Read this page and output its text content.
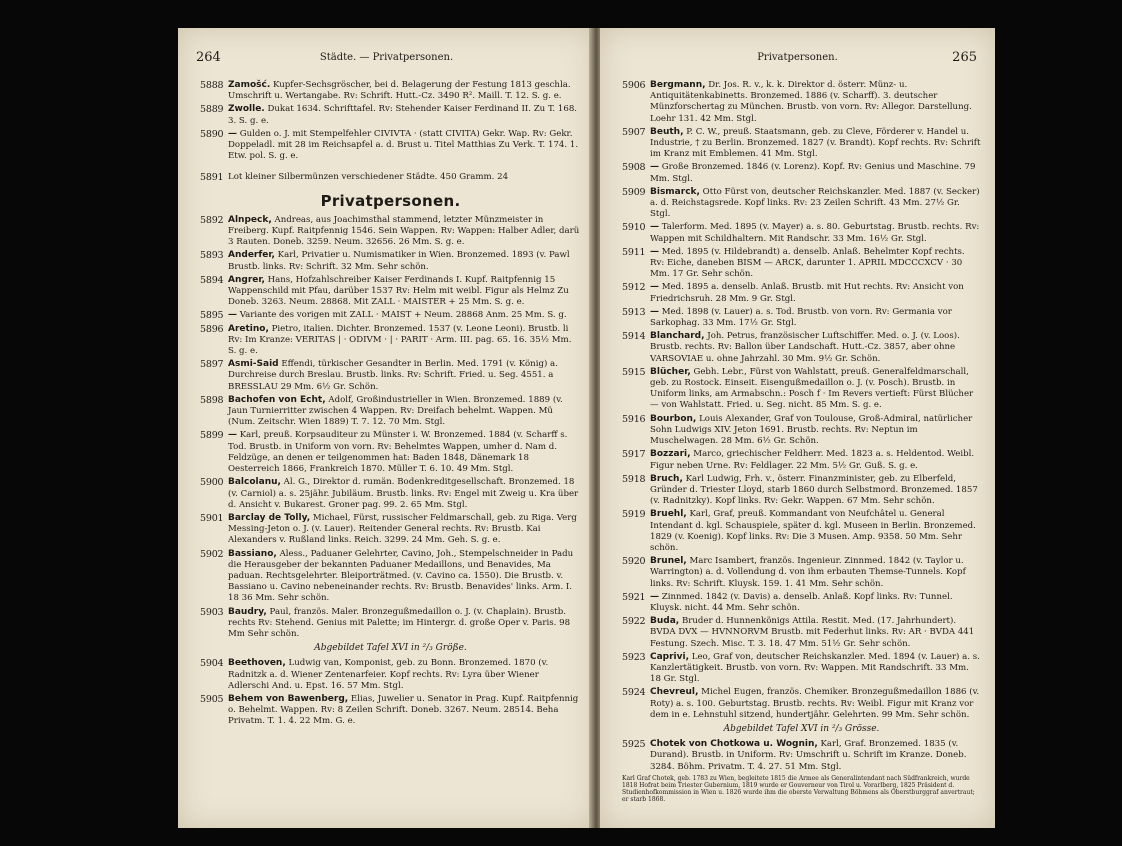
264	Städte. — Privatpersonen.
5888 Zamošć. Kupfer-Sechsgröscher, bei d. Belagerung der Festung 1813 geschla. Umschrift u. Wertangabe. Rv: Schrift. Hutt.-Cz. 3490 R². Maill. T. 12. S. g. e.
5889 Zwolle. Dukat 1634. Schrifttafel. Rv: Stehender Kaiser Ferdinand II. Zu T. 168. 3. S. g. e.
5890 — Gulden o. J. mit Stempelfehler CIVIVTA · (statt CIVITA) Gekr. Wap. Rv: Gekr. Doppeladl. mit 28 im Reichsapfel a. d. Brust u. Titel Matthias Zu Verk. T. 174. 1. Etw. pol. S. g. e.
5891 Lot kleiner Silbermünzen verschiedener Städte. 450 Gramm. 24
Privatpersonen.
5892 Alnpeck, Andreas, aus Joachimsthal stammend, letzter Münzmeister in Freiberg. Kupf. Raitpfennig 1546. Sein Wappen. Rv: Wappen: Halber Adler, darü 3 Rauten. Doneb. 3259. Neum. 32656. 26 Mm. S. g. e.
5893 Anderfer, Karl, Privatier u. Numismatiker in Wien. Bronzemed. 1893 (v. Pawl Brustb. links. Rv: Schrift. 32 Mm. Sehr schön.
5894 Angrer, Hans, Hofzahlschreiber Kaiser Ferdinands I. Kupf. Raitpfennig 15 Wappenschild mit Pfau, darüber 1537 Rv: Helm mit weibl. Figur als Helmz Zu Doneb. 3263. Neum. 28868. Mit ZALL · MAISTER + 25 Mm. S. g. e.
5895 — Variante des vorigen mit ZALL · MAIST + Neum. 28868 Anm. 25 Mm. S. g.
5896 Aretino, Pietro, italien. Dichter. Bronzemed. 1537 (v. Leone Leoni). Brustb. li Rv: Im Kranze: VERITAS | · ODIVM · | · PARIT · Arm. III. pag. 65. 16. 35½ Mm. S. g. e.
5897 Asmi-Said Effendi, türkischer Gesandter in Berlin. Med. 1791 (v. König) a. Durchreise durch Breslau. Brustb. links. Rv: Schrift. Fried. u. Seg. 4551. a BRESSLAU 29 Mm. 6½ Gr. Schön.
5898 Bachofen von Echt, Adolf, Großindustrieller in Wien. Bronzemed. 1889 (v. Jaun Turnierritter zwischen 4 Wappen. Rv: Dreifach behelmt. Wappen. Mü (Num. Zeitschr. Wien 1889) T. 7. 12. 70 Mm. Stgl.
5899 — Karl, preuß. Korpsauditeur zu Münster i. W. Bronzemed. 1884 (v. Scharff s. Tod. Brustb. in Uniform von vorn. Rv: Behelmtes Wappen, umher d. Nam d. Feldzüge, an denen er teilgenommen hat: Baden 1848, Dänemark 18 Oesterreich 1866, Frankreich 1870. Müller T. 6. 10. 49 Mm. Stgl.
5900 Balcolanu, Al. G., Direktor d. rumän. Bodenkreditgesellschaft. Bronzemed. 18 (v. Carniol) a. s. 25jähr. Jubiläum. Brustb. links. Rv: Engel mit Zweig u. Kra über d. Ansicht v. Bukarest. Groner pag. 99. 2. 65 Mm. Stgl.
5901 Barclay de Tolly, Michael, Fürst, russischer Feldmarschall, geb. zu Riga. Verg Messing-Jeton o. J. (v. Lauer). Reitender General rechts. Rv: Brustb. Kai Alexanders v. Rußland links. Reich. 3299. 24 Mm. Geh. S. g. e.
5902 Bassiano, Aless., Paduaner Gelehrter, Cavino, Joh., Stempelschneider in Padu die Herausgeber der bekannten Paduaner Medaillons, und Benavides, Ma paduan. Rechtsgelehrter. Bleiporträtmed. (v. Cavino ca. 1550). Die Brustb. v. Bassiano u. Cavino nebeneinander rechts. Rv: Brustb. Benavides' links. Arm. I. 18 36 Mm. Sehr schön.
5903 Baudry, Paul, französ. Maler. Bronzegußmedaillon o. J. (v. Chaplain). Brustb. rechts Rv: Stehend. Genius mit Palette; im Hintergr. d. große Oper v. Paris. 98 Mm Sehr schön.
Abgebildet Tafel XVI in ²/₃ Größe.
5904 Beethoven, Ludwig van, Komponist, geb. zu Bonn. Bronzemed. 1870 (v. Radnitzk a. d. Wiener Zentenarfeier. Kopf rechts. Rv: Lyra über Wiener Adlerschi And. u. Epst. 16. 57 Mm. Stgl.
5905 Behem von Bawenberg, Elias, Juwelier u. Senator in Prag. Kupf. Raitpfennig o. Behelmt. Wappen. Rv: 8 Zeilen Schrift. Doneb. 3267. Neum. 28514. Beha Privatm. T. 1. 4. 22 Mm. G. e.
Privatpersonen.	265
5906 Bergmann, Dr. Jos. R. v., k. k. Direktor d. österr. Münz- u. Antiquitätenkabinetts. Bronzemed. 1886 (v. Scharff). 3. deutscher Münzforschertag zu München. Brustb. von vorn. Rv: Allegor. Darstellung. Loehr 131. 42 Mm. Stgl.
5907 Beuth, P. C. W., preuß. Staatsmann, geb. zu Cleve, Förderer v. Handel u. Industrie, † zu Berlin. Bronzemed. 1827 (v. Brandt). Kopf rechts. Rv: Schrift im Kranz mit Emblemen. 41 Mm. Stgl.
5908 — Große Bronzemed. 1846 (v. Lorenz). Kopf. Rv: Genius und Maschine. 79 Mm. Stgl.
5909 Bismarck, Otto Fürst von, deutscher Reichskanzler. Med. 1887 (v. Secker) a. d. Reichstagsrede. Kopf links. Rv: 23 Zeilen Schrift. 43 Mm. 27½ Gr. Stgl.
5910 — Talerform. Med. 1895 (v. Mayer) a. s. 80. Geburtstag. Brustb. rechts. Rv: Wappen mit Schildhaltern. Mit Randschr. 33 Mm. 16½ Gr. Stgl.
5911 — Med. 1895 (v. Hildebrandt) a. denselb. Anlaß. Behelmter Kopf rechts. Rv: Eiche, daneben BISM — ARCK, darunter 1. APRIL MDCCCXCV · 30 Mm. 17 Gr. Sehr schön.
5912 — Med. 1895 a. denselb. Anlaß. Brustb. mit Hut rechts. Rv: Ansicht von Friedrichsruh. 28 Mm. 9 Gr. Stgl.
5913 — Med. 1898 (v. Lauer) a. s. Tod. Brustb. von vorn. Rv: Germania vor Sarkophag. 33 Mm. 17½ Gr. Stgl.
5914 Blanchard, Joh. Petrus, französischer Luftschiffer. Med. o. J. (v. Loos). Brustb. rechts. Rv: Ballon über Landschaft. Hutt.-Cz. 3857, aber ohne VARSOVIAE u. ohne Jahrzahl. 30 Mm. 9½ Gr. Schön.
5915 Blücher, Gebh. Lebr., Fürst von Wahlstatt, preuß. Generalfeldmarschall, geb. zu Rostock. Einseit. Eisengußmedaillon o. J. (v. Posch). Brustb. in Uniform links, am Armabschn.: Posch f · Im Revers vertieft: Fürst Blücher — von Wahlstatt. Fried. u. Seg. nicht. 85 Mm. S. g. e.
5916 Bourbon, Louis Alexander, Graf von Toulouse, Groß-Admiral, natürlicher Sohn Ludwigs XIV. Jeton 1691. Brustb. rechts. Rv: Neptun im Muschelwagen. 28 Mm. 6½ Gr. Schön.
5917 Bozzari, Marco, griechischer Feldherr. Med. 1823 a. s. Heldentod. Weibl. Figur neben Urne. Rv: Feldlager. 22 Mm. 5½ Gr. Guß. S. g. e.
5918 Bruch, Karl Ludwig, Frh. v., österr. Finanzminister, geb. zu Elberfeld, Gründer d. Triester Lloyd, starb 1860 durch Selbstmord. Bronzemed. 1857 (v. Radnitzky). Kopf links. Rv: Gekr. Wappen. 67 Mm. Sehr schön.
5919 Bruehl, Karl, Graf, preuß. Kommandant von Neufchâtel u. General Intendant d. kgl. Schauspiele, später d. kgl. Museen in Berlin. Bronzemed. 1829 (v. Koenig). Kopf links. Rv: Die 3 Musen. Amp. 9358. 50 Mm. Sehr schön.
5920 Brunel, Marc Isambert, französ. Ingenieur. Zinnmed. 1842 (v. Taylor u. Warrington) a. d. Vollendung d. von ihm erbauten Themse-Tunnels. Kopf links. Rv: Schrift. Kluysk. 159. 1. 41 Mm. Sehr schön.
5921 — Zinnmed. 1842 (v. Davis) a. denselb. Anlaß. Kopf links. Rv: Tunnel. Kluysk. nicht. 44 Mm. Sehr schön.
5922 Buda, Bruder d. Hunnenkönigs Attila. Restit. Med. (17. Jahrhundert). BVDA DVX — HVNNORVM Brustb. mit Federhut links. Rv: AR · BVDA 441 Festung. Szech. Misc. T. 3. 18. 47 Mm. 51½ Gr. Sehr schön.
5923 Caprivi, Leo, Graf von, deutscher Reichskanzler. Med. 1894 (v. Lauer) a. s. Kanzlertätigkeit. Brustb. von vorn. Rv: Wappen. Mit Randschrift. 33 Mm. 18 Gr. Stgl.
5924 Chevreul, Michel Eugen, französ. Chemiker. Bronzegußmedaillon 1886 (v. Roty) a. s. 100. Geburtstag. Brustb. rechts. Rv: Weibl. Figur mit Kranz vor dem in e. Lehnstuhl sitzend, hundertjähr. Gelehrten. 99 Mm. Sehr schön.
Abgebildet Tafel XVI in ²/₃ Grösse.
5925 Chotek von Chotkowa u. Wognin, Karl, Graf. Bronzemed. 1835 (v. Durand). Brustb. in Uniform. Rv: Umschrift u. Schrift im Kranze. Doneb. 3284. Böhm. Privatm. T. 4. 27. 51 Mm. Stgl.
Karl Graf Chotek, geb. 1783 zu Wien, begleitete 1815 die Armee als Generalintendant nach Südfrankreich, wurde 1818 Hofrat beim Triester Gubernium, 1819 wurde er Gouverneur von Tirol u. Vorarlberg, 1825 Präsident d. Studienhofkommission in Wien u. 1826 wurde ihm die oberste Verwaltung Böhmens als Oberstburggraf anvertraut; er starb 1868.
